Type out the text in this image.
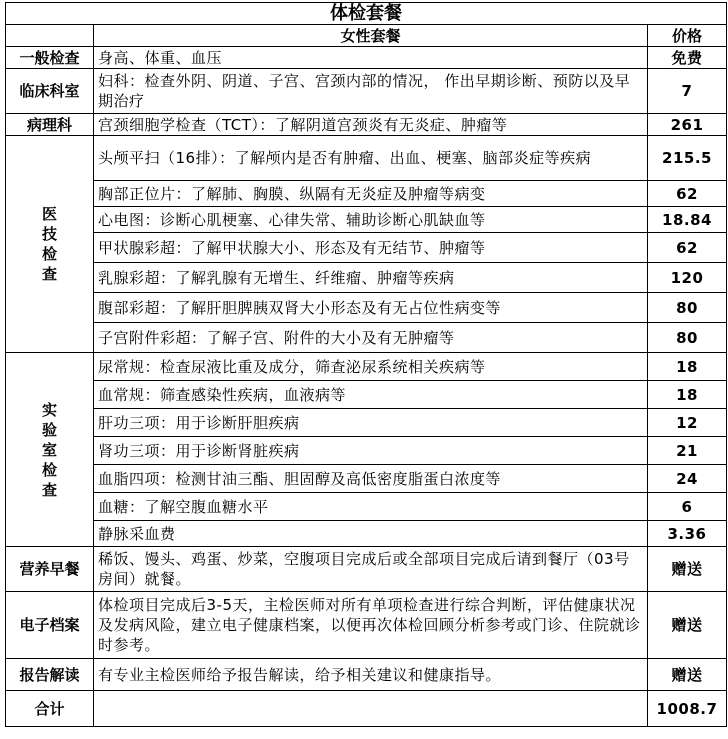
体检套餐		
	女性套餐	价格
一般检查	身高、体重、血压	免费
临床科室	妇科：检查外阴、阴道、子宫、宫颈内部的情况， 作出早期诊断、预防以及早期治疗	7
病理科	宫颈细胞学检查（TCT）：了解阴道宫颈炎有无炎症、肿瘤等	261

医
技
检
查	头颅平扫（16排）：了解颅内是否有肿瘤、出血、梗塞、脑部炎症等疾病	215.5
	胸部正位片：了解肺、胸膜、纵隔有无炎症及肿瘤等病变	62
	心电图：诊断心肌梗塞、心律失常、辅助诊断心肌缺血等	18.84
	甲状腺彩超：了解甲状腺大小、形态及有无结节、肿瘤等	62
	乳腺彩超：了解乳腺有无增生、纤维瘤、肿瘤等疾病	120
	腹部彩超：了解肝胆脾胰双肾大小形态及有无占位性病变等	80
	子宫附件彩超：了解子宫、附件的大小及有无肿瘤等	80

实
验
室
检
查	尿常规：检查尿液比重及成分，筛查泌尿系统相关疾病等	18
	血常规：筛查感染性疾病，血液病等	18
	肝功三项：用于诊断肝胆疾病	12
	肾功三项：用于诊断肾脏疾病	21
	血脂四项：检测甘油三酯、胆固醇及高低密度脂蛋白浓度等	24
	血糖：了解空腹血糖水平	6
	静脉采血费	3.36
营养早餐	稀饭、馒头、鸡蛋、炒菜，空腹项目完成后或全部项目完成后请到餐厅（03号房间）就餐。	赠送
电子档案	体检项目完成后3-5天，主检医师对所有单项检查进行综合判断，评估健康状况及发病风险，建立电子健康档案，以便再次体检回顾分析参考或门诊、住院就诊时参考。	赠送
报告解读	有专业主检医师给予报告解读，给予相关建议和健康指导。	赠送
合计		1008.7
